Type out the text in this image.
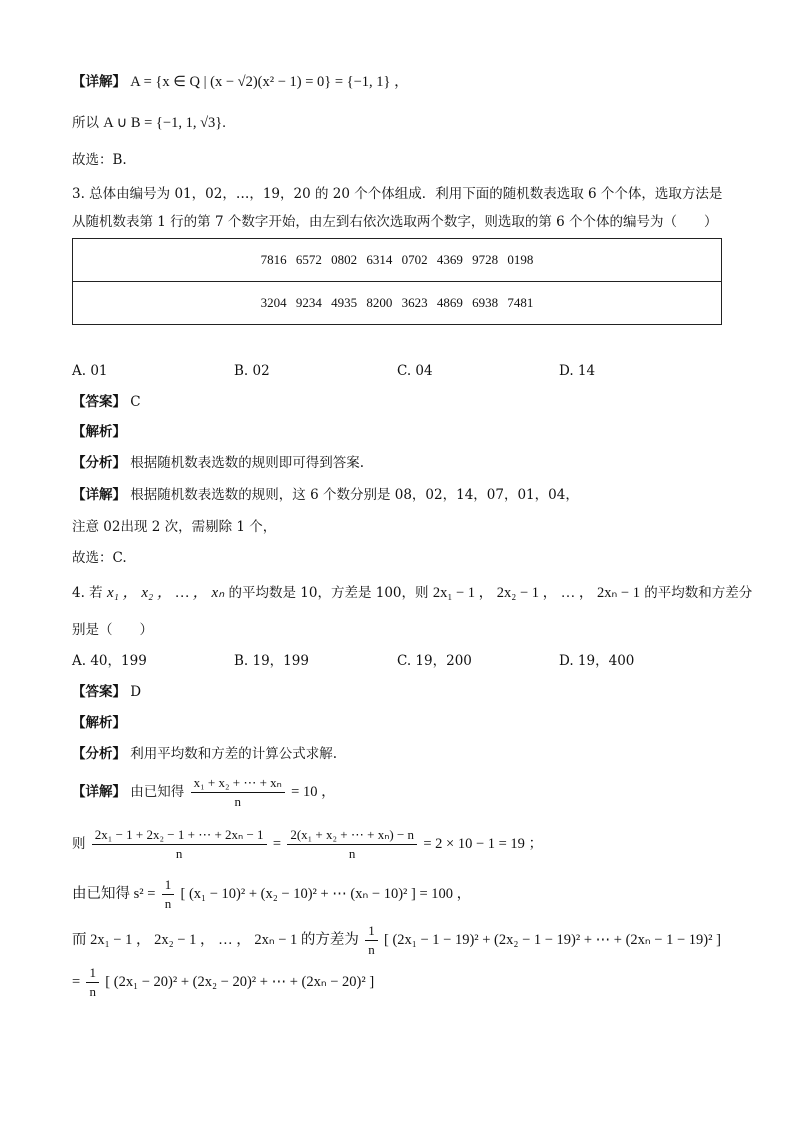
【详解】 A = {x ∈ Q | (x − √2)(x² − 1) = 0} = {−1, 1} ，
所以 A ∪ B = {−1, 1, √3}.
故选：B.
3. 总体由编号为 01，02，…，19，20 的 20 个个体组成．利用下面的随机数表选取 6 个个体，选取方法是
从随机数表第 1 行的第 7 个数字开始，由左到右依次选取两个数字，则选取的第 6 个个体的编号为（　　）
7816 6572 0802 6314 0702 4369 9728 0198
3204 9234 4935 8200 3623 4869 6938 7481
A. 01	B. 02	C. 04	D. 14
【答案】 C
【解析】
【分析】 根据随机数表选数的规则即可得到答案.
【详解】 根据随机数表选数的规则，这 6 个数分别是 08，02，14，07，01，04，
注意 02出现 2 次，需剔除 1 个，
故选：C.
4. 若 x₁ ， x₂ ， … ， xₙ 的平均数是 10，方差是 100，则 2x₁ − 1 ， 2x₂ − 1 ， … ， 2xₙ − 1 的平均数和方差分
别是（　　）
A. 40，199	B. 19，199	C. 19，200	D. 19，400
【答案】 D
【解析】
【分析】 利用平均数和方差的计算公式求解.
【详解】 由已知得 $\frac{\text{x₁ + x₂ + ⋯ + xₙ}}{n} = 10$ ，
则 $\frac{\text{2x₁ − 1 + 2x₂ − 1 + ⋯ + 2xₙ − 1}}{n} = \frac{\text{2(x₁ + x₂ + ⋯ + xₙ) − n}}{n} = 2 \times 10 - 1 = 19$ ；
由已知得 $s^2 = \frac{1}{n}$ [ (x₁ − 10)² + (x₂ − 10)² + ⋯ (xₙ − 10)² ] = 100 ，
而 2x₁ − 1 ， 2x₂ − 1 ， … ， 2xₙ − 1 的方差为 $\frac{1}{n}$ [ (2x₁ − 1 − 19)² + (2x₂ − 1 − 19)² + ⋯ + (2xₙ − 1 − 19)² ]
= $\frac{1}{n}$ [ (2x₁ − 20)² + (2x₂ − 20)² + ⋯ + (2xₙ − 20)² ]
